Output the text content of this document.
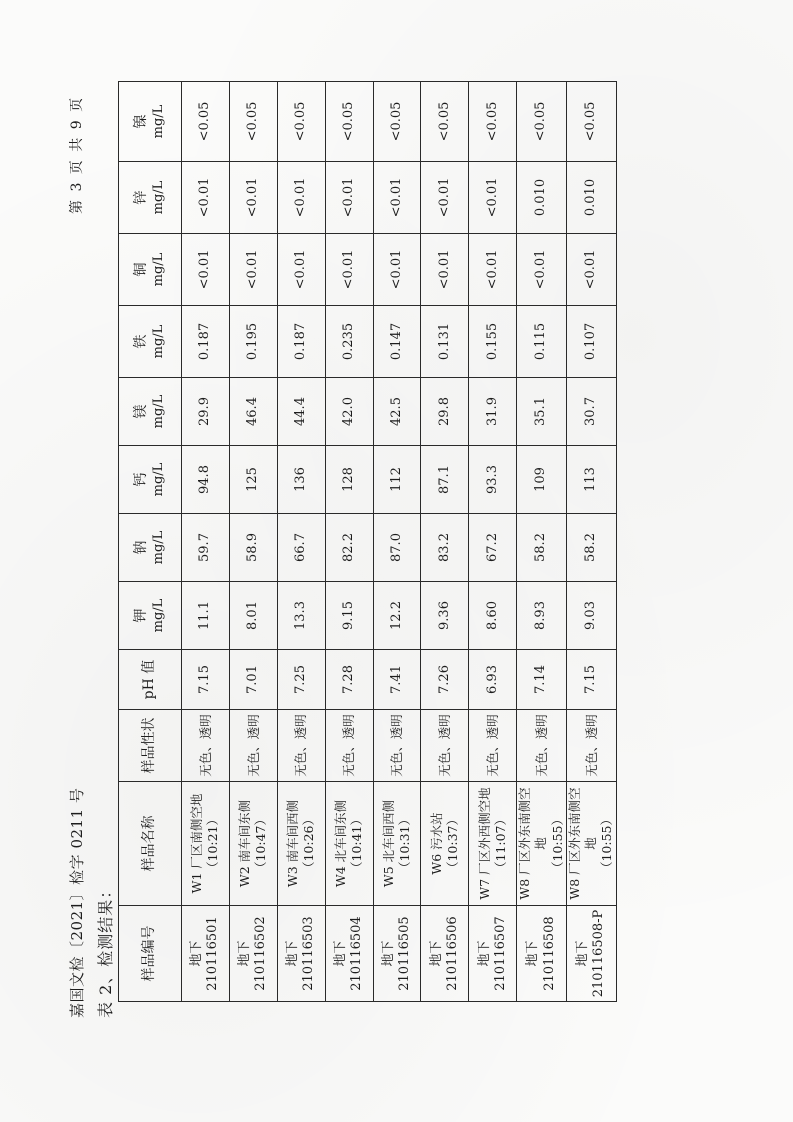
嘉国文检〔2021〕检字 0211 号
第 3 页 共 9 页
表 2、检测结果： 样品编号	样品名称	样品性状	pH 值	钾 mg/L	钠 mg/L	钙 mg/L	镁 mg/L	铁 mg/L	铜 mg/L	锌 mg/L	镍 mg/L

地下 210116501	W1 厂区南侧空地 （10:21）	无色、透明	7.15	11.1	59.7	94.8	29.9	0.187	<0.01	<0.01	<0.05
地下 210116502	W2 南车间东侧 （10:47）	无色、透明	7.01	8.01	58.9	125	46.4	0.195	<0.01	<0.01	<0.05
地下 210116503	W3 南车间西侧 （10:26）	无色、透明	7.25	13.3	66.7	136	44.4	0.187	<0.01	<0.01	<0.05
地下 210116504	W4 北车间东侧 （10:41）	无色、透明	7.28	9.15	82.2	128	42.0	0.235	<0.01	<0.01	<0.05
地下 210116505	W5 北车间西侧 （10:31）	无色、透明	7.41	12.2	87.0	112	42.5	0.147	<0.01	<0.01	<0.05
地下 210116506	W6 污水站 （10:37）	无色、透明	7.26	9.36	83.2	87.1	29.8	0.131	<0.01	<0.01	<0.05
地下 210116507	W7 厂区外西侧空地 （11:07）	无色、透明	6.93	8.60	67.2	93.3	31.9	0.155	<0.01	<0.01	<0.05
地下 210116508	W8 厂区外东南侧空地 （10:55）	无色、透明	7.14	8.93	58.2	109	35.1	0.115	<0.01	0.010	<0.05
地下 210116508-P	W8 厂区外东南侧空地 （10:55）	无色、透明	7.15	9.03	58.2	113	30.7	0.107	<0.01	0.010	<0.05
